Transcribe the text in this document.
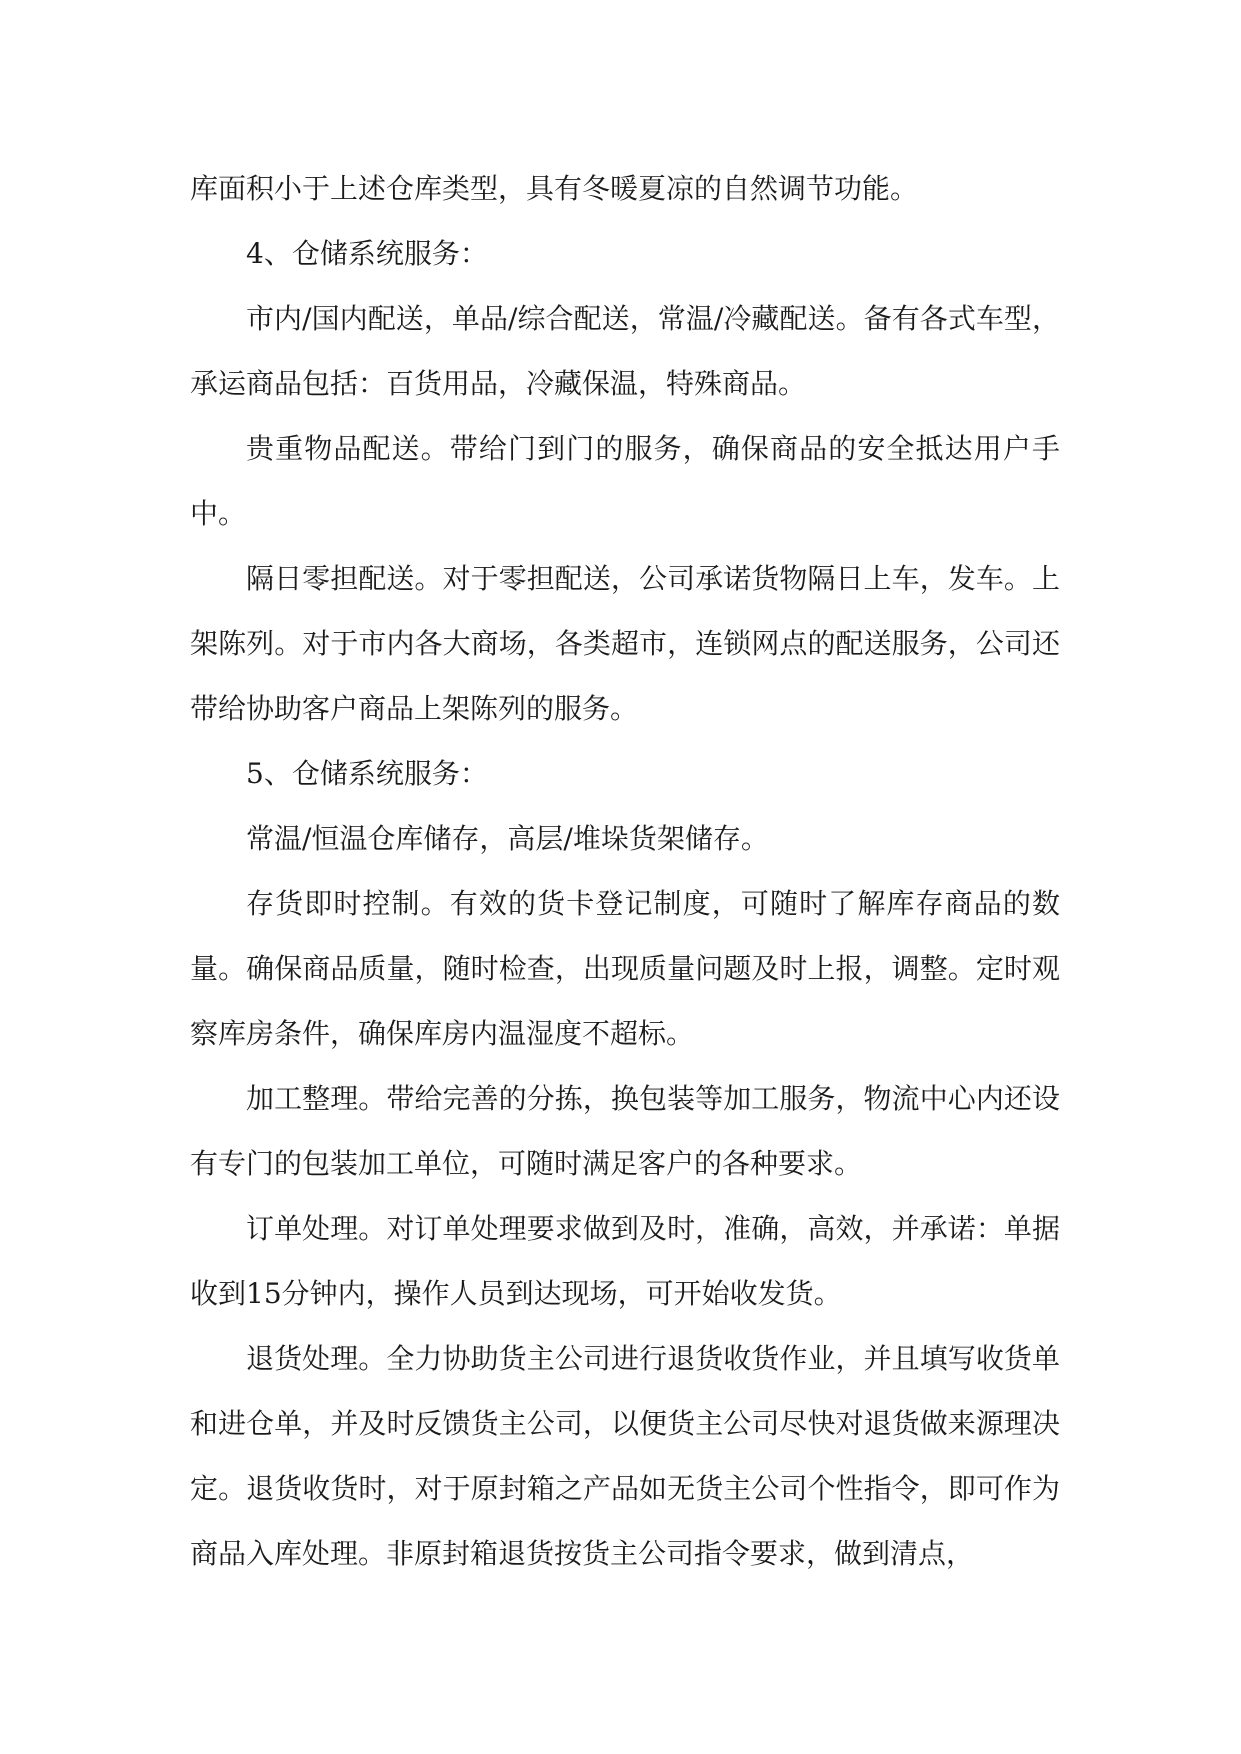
库面积小于上述仓库类型，具有冬暖夏凉的自然调节功能。

4、仓储系统服务：

市内/国内配送，单品/综合配送，常温/冷藏配送。备有各式车型，承运商品包括：百货用品，冷藏保温，特殊商品。

贵重物品配送。带给门到门的服务，确保商品的安全抵达用户手中。

隔日零担配送。对于零担配送，公司承诺货物隔日上车，发车。上架陈列。对于市内各大商场，各类超市，连锁网点的配送服务，公司还带给协助客户商品上架陈列的服务。

5、仓储系统服务：

常温/恒温仓库储存，高层/堆垛货架储存。

存货即时控制。有效的货卡登记制度，可随时了解库存商品的数量。确保商品质量，随时检查，出现质量问题及时上报，调整。定时观察库房条件，确保库房内温湿度不超标。

加工整理。带给完善的分拣，换包装等加工服务，物流中心内还设有专门的包装加工单位，可随时满足客户的各种要求。

订单处理。对订单处理要求做到及时，准确，高效，并承诺：单据收到15分钟内，操作人员到达现场，可开始收发货。

退货处理。全力协助货主公司进行退货收货作业，并且填写收货单和进仓单，并及时反馈货主公司，以便货主公司尽快对退货做来源理决定。退货收货时，对于原封箱之产品如无货主公司个性指令，即可作为商品入库处理。非原封箱退货按货主公司指令要求，做到清点，
